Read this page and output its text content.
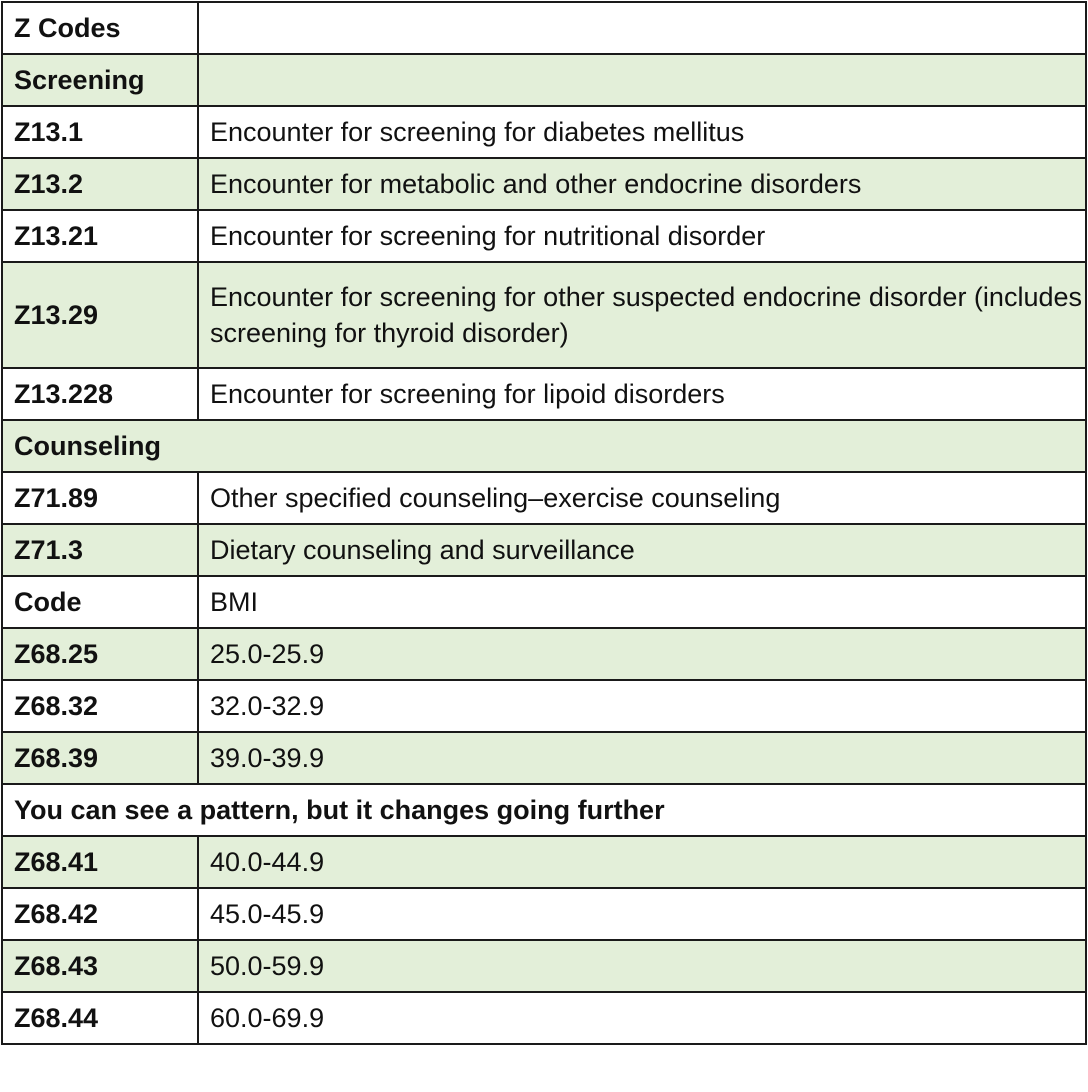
Z Codes	
Screening	
Z13.1	Encounter for screening for diabetes mellitus
Z13.2	Encounter for metabolic and other endocrine disorders
Z13.21	Encounter for screening for nutritional disorder
Z13.29	Encounter for screening for other suspected endocrine disorder (includes screening for thyroid disorder)
Z13.228	Encounter for screening for lipoid disorders
Counseling	
Z71.89	Other specified counseling–exercise counseling
Z71.3	Dietary counseling and surveillance
Code	BMI
Z68.25	25.0-25.9
Z68.32	32.0-32.9
Z68.39	39.0-39.9
You can see a pattern, but it changes going further	
Z68.41	40.0-44.9
Z68.42	45.0-45.9
Z68.43	50.0-59.9
Z68.44	60.0-69.9
